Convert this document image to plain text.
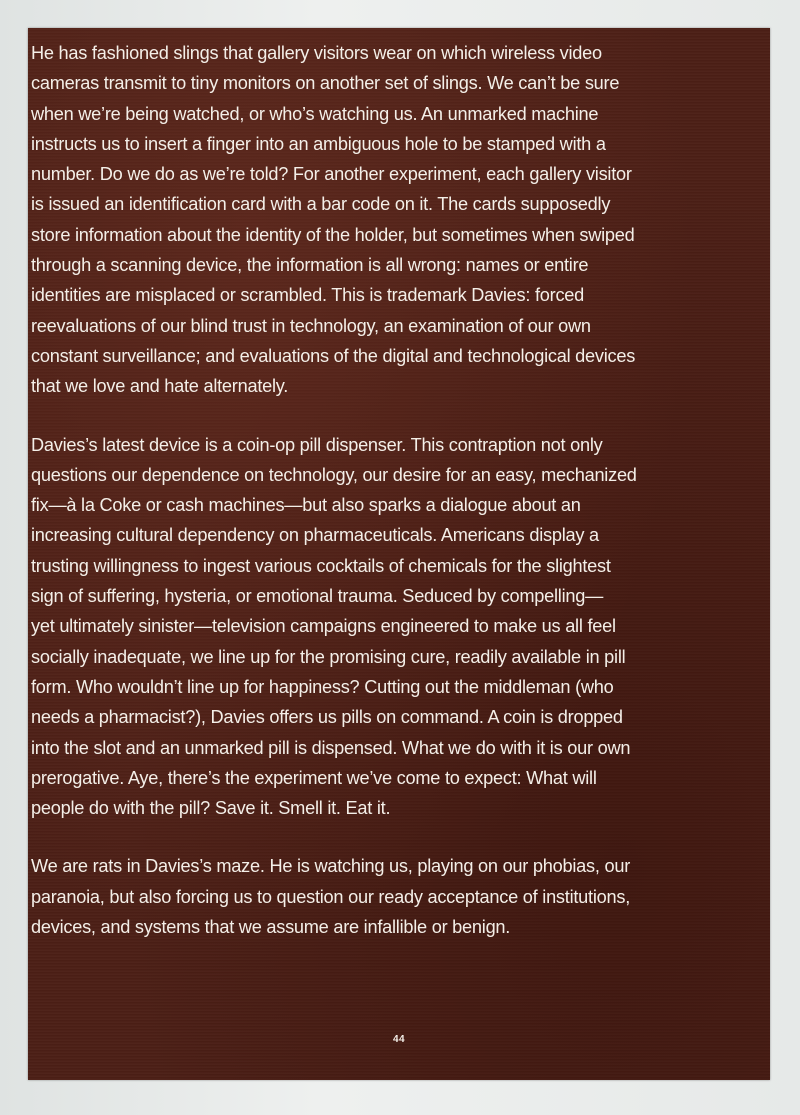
He has fashioned slings that gallery visitors wear on which wireless video
cameras transmit to tiny monitors on another set of slings. We can’t be sure
when we’re being watched, or who’s watching us. An unmarked machine
instructs us to insert a finger into an ambiguous hole to be stamped with a
number. Do we do as we’re told? For another experiment, each gallery visitor
is issued an identification card with a bar code on it. The cards supposedly
store information about the identity of the holder, but sometimes when swiped
through a scanning device, the information is all wrong: names or entire
identities are misplaced or scrambled. This is trademark Davies: forced
reevaluations of our blind trust in technology, an examination of our own
constant surveillance; and evaluations of the digital and technological devices
that we love and hate alternately.

Davies’s latest device is a coin-op pill dispenser. This contraption not only
questions our dependence on technology, our desire for an easy, mechanized
fix—à la Coke or cash machines—but also sparks a dialogue about an
increasing cultural dependency on pharmaceuticals. Americans display a
trusting willingness to ingest various cocktails of chemicals for the slightest
sign of suffering, hysteria, or emotional trauma. Seduced by compelling—
yet ultimately sinister—television campaigns engineered to make us all feel
socially inadequate, we line up for the promising cure, readily available in pill
form. Who wouldn’t line up for happiness? Cutting out the middleman (who
needs a pharmacist?), Davies offers us pills on command. A coin is dropped
into the slot and an unmarked pill is dispensed. What we do with it is our own
prerogative. Aye, there’s the experiment we’ve come to expect: What will
people do with the pill? Save it. Smell it. Eat it.

We are rats in Davies’s maze. He is watching us, playing on our phobias, our
paranoia, but also forcing us to question our ready acceptance of institutions,
devices, and systems that we assume are infallible or benign.

44
